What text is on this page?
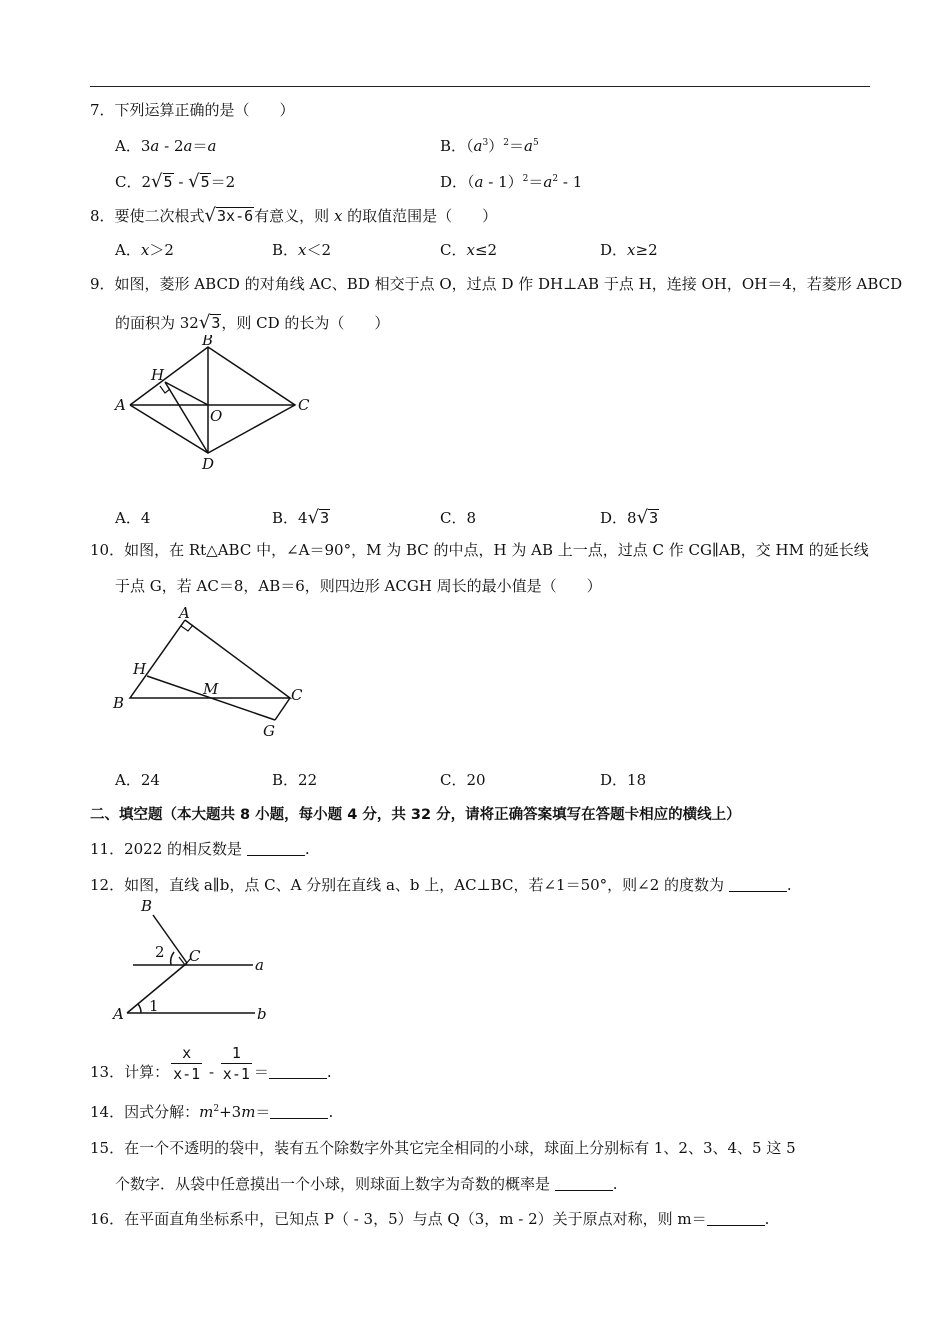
7．下列运算正确的是（　　）
A．3a - 2a＝a	B．$(a^3)^2=a^5$
C．2√5 - √5＝2	D．$(a - 1)^2=a^2 - 1$
8．要使二次根式√3x-6有意义，则 x 的取值范围是（　　）
A．x＞2	B．x＜2	C．x≤2	D．x≥2
9．如图，菱形 ABCD 的对角线 AC、BD 相交于点 O，过点 D 作 DH⊥AB 于点 H，连接 OH，OH＝4，若菱形 ABCD
的面积为 32√3，则 CD 的长为（　　）
A
B
C
D
H
O
A．4	B．4√3	C．8	D．8√3
10．如图，在 Rt△ABC 中，∠A＝90°，M 为 BC 的中点，H 为 AB 上一点，过点 C 作 CG∥AB，交 HM 的延长线
于点 G，若 AC＝8，AB＝6，则四边形 ACGH 周长的最小值是（　　）
A
B	C
G
H
M
A．24	B．22	C．20	D．18
二、填空题（本大题共 8 小题，每小题 4 分，共 32 分，请将正确答案填写在答题卡相应的横线上）
11．2022 的相反数是	.
12．如图，直线 a∥b，点 C、A 分别在直线 a、b 上，AC⊥BC，若∠1＝50°，则∠2 的度数为	.
B
C
A
a
b
1
2
13．计算： $\frac{x}{x-1} - \frac{1}{x-1}$ ＝	.
14．因式分解：$m^2+3m=$	.
15．在一个不透明的袋中，装有五个除数字外其它完全相同的小球，球面上分别标有 1、2、3、4、5 这 5
个数字．从袋中任意摸出一个小球，则球面上数字为奇数的概率是	.
16．在平面直角坐标系中，已知点 P（ - 3，5）与点 Q（3，m - 2）关于原点对称，则 m＝	.
